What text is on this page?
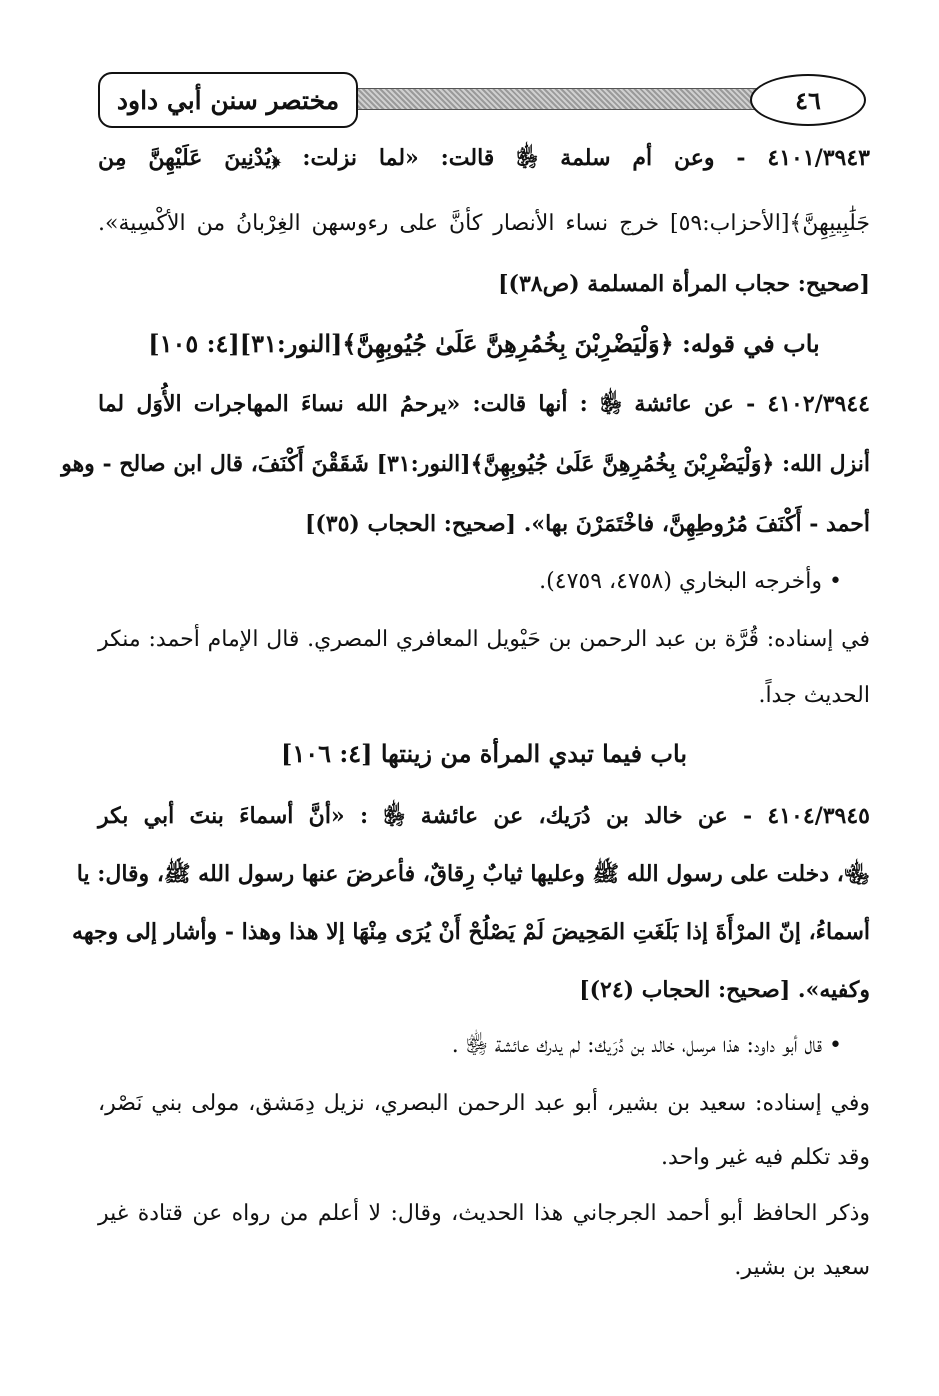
مختصر سنن أبي داود	٤٦
٤١٠١/٣٩٤٣ - وعن أم سلمة ﵂ قالت: «لما نزلت: ﴿يُدْنِينَ عَلَيْهِنَّ مِن
جَلَٰبِيبِهِنَّ﴾[الأحزاب:٥٩] خرج نساء الأنصار كأنَّ على رءوسهن الغِرْبانُ من الأكْسِية».
[صحيح: حجاب المرأة المسلمة (ص٣٨)]
باب في قوله: ﴿وَلْيَضْرِبْنَ بِخُمُرِهِنَّ عَلَىٰ جُيُوبِهِنَّ﴾[النور:٣١][٤: ١٠٥]
٤١٠٢/٣٩٤٤ - عن عائشة ﵂ : أنها قالت: «يرحمُ الله نساءَ المهاجرات الأُوَل لما
أنزل الله: ﴿وَلْيَضْرِبْنَ بِخُمُرِهِنَّ عَلَىٰ جُيُوبِهِنَّ﴾[النور:٣١] شَقَقْنَ أَكْنَفَ، قال ابن صالح - وهو
أحمد - أَكْنَفَ مُرُوطِهِنَّ، فاخْتَمَرْنَ بها». [صحيح: الحجاب (٣٥)]
• وأخرجه البخاري (٤٧٥٨، ٤٧٥٩).
في إسناده: قُرَّة بن عبد الرحمن بن حَيْويل المعافري المصري. قال الإمام أحمد: منكر
الحديث جداً.
باب فيما تبدي المرأة من زينتها [٤: ١٠٦]
٤١٠٤/٣٩٤٥ - عن خالد بن دُرَيك، عن عائشة ﵂ : «أنَّ أسماءَ بنتَ أبي بكر
﵄، دخلت على رسول الله ﷺ وعليها ثيابٌ رِقاقٌ، فأعرضَ عنها رسول الله ﷺ، وقال: يا
أسماءُ، إنّ المرْأَةَ إذا بَلَغَتِ المَحِيضَ لَمْ يَصْلُحْ أَنْ يُرَى مِنْهَا إلا هذا وهذا - وأشار إلى وجهه
وكفيه». [صحيح: الحجاب (٢٤)]
• قال أبو داود: هذا مرسل، خالد بن دُرَيك: لم يدرك عائشة ﵂ .
وفي إسناده: سعيد بن بشير، أبو عبد الرحمن البصري، نزيل دِمَشق، مولى بني نَصْر،
وقد تكلم فيه غير واحد.
وذكر الحافظ أبو أحمد الجرجاني هذا الحديث، وقال: لا أعلم من رواه عن قتادة غير
سعيد بن بشير.
